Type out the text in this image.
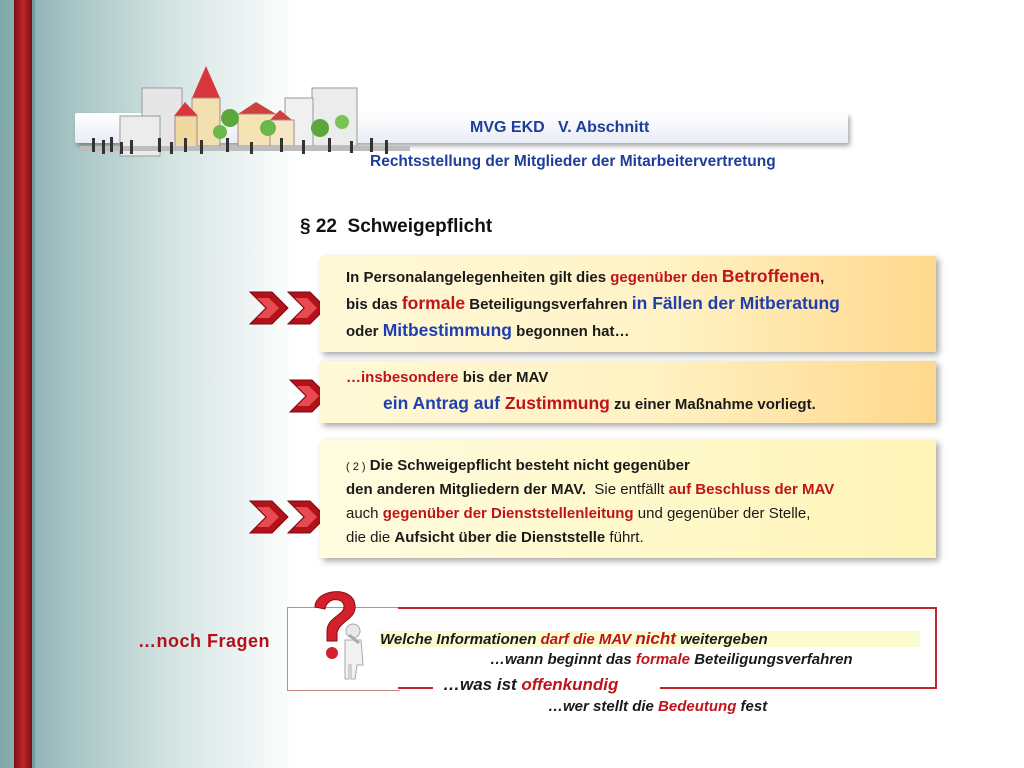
MVG EKD   V. Abschnitt
Rechtsstellung der Mitglieder der Mitarbeitervertretung
§ 22  Schweigepflicht
In Personalangelegenheiten gilt dies gegenüber den Betroffenen,
bis das formale Beteiligungsverfahren in Fällen der Mitberatung
oder Mitbestimmung begonnen hat…
…insbesondere bis der MAV
ein Antrag auf Zustimmung zu einer Maßnahme vorliegt.
( 2 ) Die Schweigepflicht besteht nicht gegenüber
den anderen Mitgliedern der MAV.  Sie entfällt auf Beschluss der MAV
auch gegenüber der Dienststellenleitung und gegenüber der Stelle,
die die Aufsicht über die Dienststelle führt.
…noch Fragen	Welche Informationen darf die MAV nicht weitergeben
…wann beginnt das formale Beteiligungsverfahren
…was ist offenkundig
…wer stellt die Bedeutung fest
